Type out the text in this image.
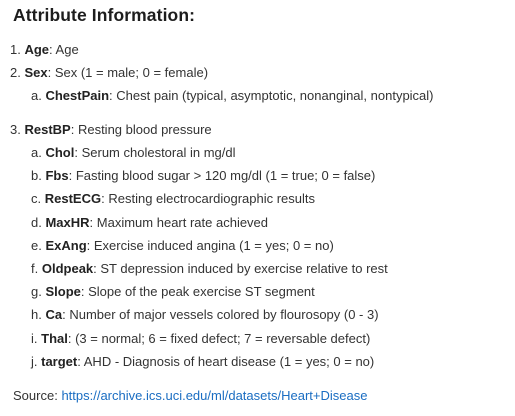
Attribute Information:
1. Age: Age
2. Sex: Sex (1 = male; 0 = female)
a. ChestPain: Chest pain (typical, asymptotic, nonanginal, nontypical)
3. RestBP: Resting blood pressure
a. Chol: Serum cholestoral in mg/dl
b. Fbs: Fasting blood sugar > 120 mg/dl (1 = true; 0 = false)
c. RestECG: Resting electrocardiographic results
d. MaxHR: Maximum heart rate achieved
e. ExAng: Exercise induced angina (1 = yes; 0 = no)
f. Oldpeak: ST depression induced by exercise relative to rest
g. Slope: Slope of the peak exercise ST segment
h. Ca: Number of major vessels colored by flourosopy (0 - 3)
i. Thal: (3 = normal; 6 = fixed defect; 7 = reversable defect)
j. target: AHD - Diagnosis of heart disease (1 = yes; 0 = no)
Source: https://archive.ics.uci.edu/ml/datasets/Heart+Disease
